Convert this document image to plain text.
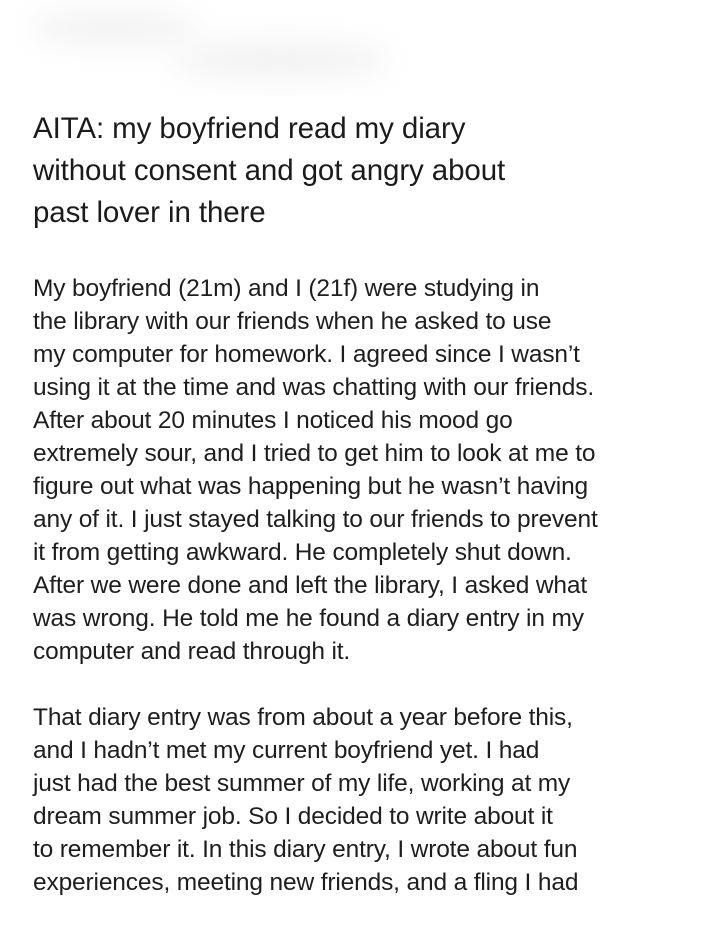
AITA: my boyfriend read my diary
without consent and got angry about
past lover in there

My boyfriend (21m) and I (21f) were studying in
the library with our friends when he asked to use
my computer for homework. I agreed since I wasn’t
using it at the time and was chatting with our friends.
After about 20 minutes I noticed his mood go
extremely sour, and I tried to get him to look at me to
figure out what was happening but he wasn’t having
any of it. I just stayed talking to our friends to prevent
it from getting awkward. He completely shut down.
After we were done and left the library, I asked what
was wrong. He told me he found a diary entry in my
computer and read through it.

That diary entry was from about a year before this,
and I hadn’t met my current boyfriend yet. I had
just had the best summer of my life, working at my
dream summer job. So I decided to write about it
to remember it. In this diary entry, I wrote about fun
experiences, meeting new friends, and a fling I had
